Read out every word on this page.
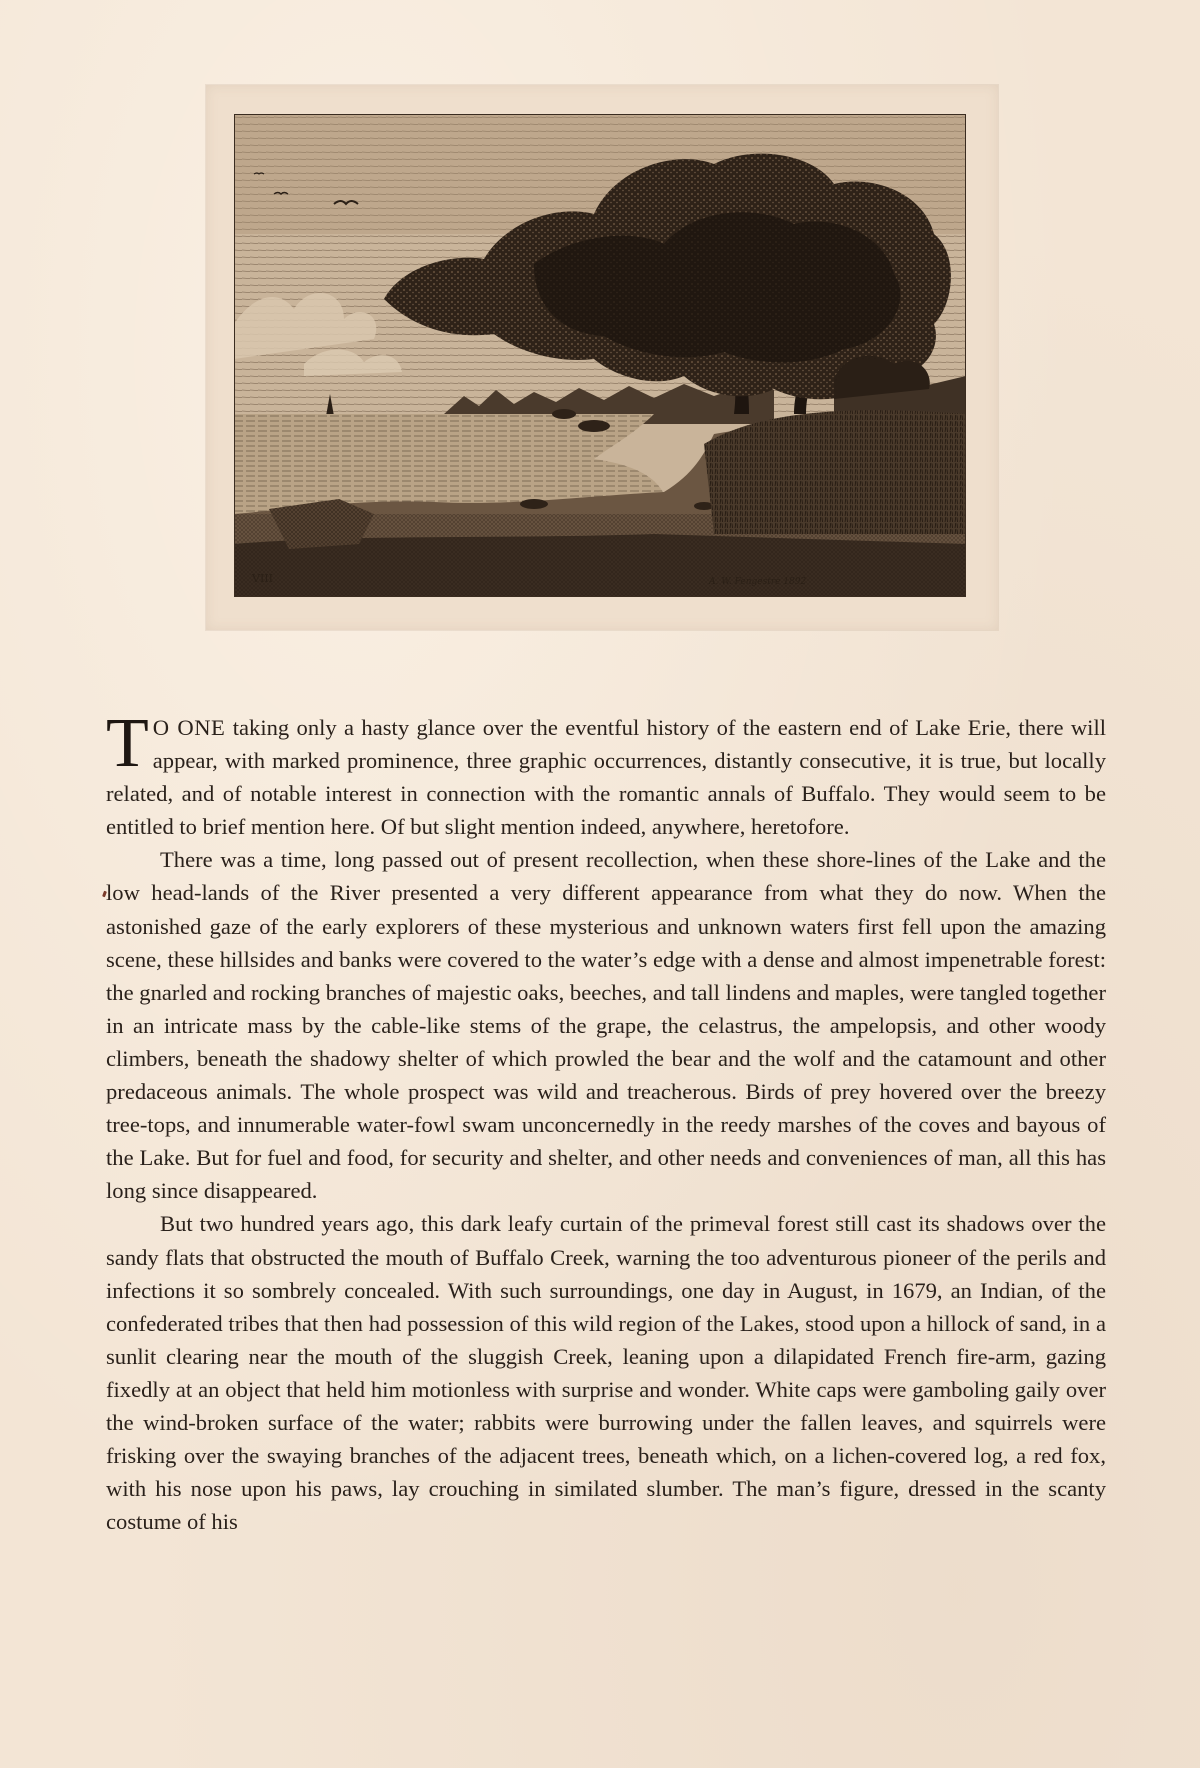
VIII	A. W. Fengestre 1892

T O ONE taking only a hasty glance over the eventful history of the eastern end of Lake Erie, there will appear, with marked prominence, three graphic occurrences, distantly consecutive, it is true, but locally related, and of notable interest in connection with the romantic annals of Buffalo. They would seem to be entitled to brief mention here. Of but slight mention indeed, anywhere, heretofore.

There was a time, long passed out of present recollection, when these shore-lines of the Lake and the low head-lands of the River presented a very different appearance from what they do now. When the astonished gaze of the early explorers of these mysterious and unknown waters first fell upon the amazing scene, these hillsides and banks were covered to the water’s edge with a dense and almost impenetrable forest: the gnarled and rocking branches of majestic oaks, beeches, and tall lindens and maples, were tangled together in an intricate mass by the cable-like stems of the grape, the celastrus, the ampelopsis, and other woody climbers, beneath the shadowy shelter of which prowled the bear and the wolf and the catamount and other predaceous animals. The whole prospect was wild and treacherous. Birds of prey hovered over the breezy tree-tops, and innumerable water-fowl swam unconcernedly in the reedy marshes of the coves and bayous of the Lake. But for fuel and food, for security and shelter, and other needs and conveniences of man, all this has long since disappeared.

But two hundred years ago, this dark leafy curtain of the primeval forest still cast its shadows over the sandy flats that obstructed the mouth of Buffalo Creek, warning the too adventurous pioneer of the perils and infections it so sombrely concealed. With such surroundings, one day in August, in 1679, an Indian, of the confederated tribes that then had possession of this wild region of the Lakes, stood upon a hillock of sand, in a sunlit clearing near the mouth of the sluggish Creek, leaning upon a dilapidated French fire-arm, gazing fixedly at an object that held him motionless with surprise and wonder. White caps were gamboling gaily over the wind-broken surface of the water; rabbits were burrowing under the fallen leaves, and squirrels were frisking over the swaying branches of the adjacent trees, beneath which, on a lichen-covered log, a red fox, with his nose upon his paws, lay crouching in similated slumber. The man’s figure, dressed in the scanty costume of his
